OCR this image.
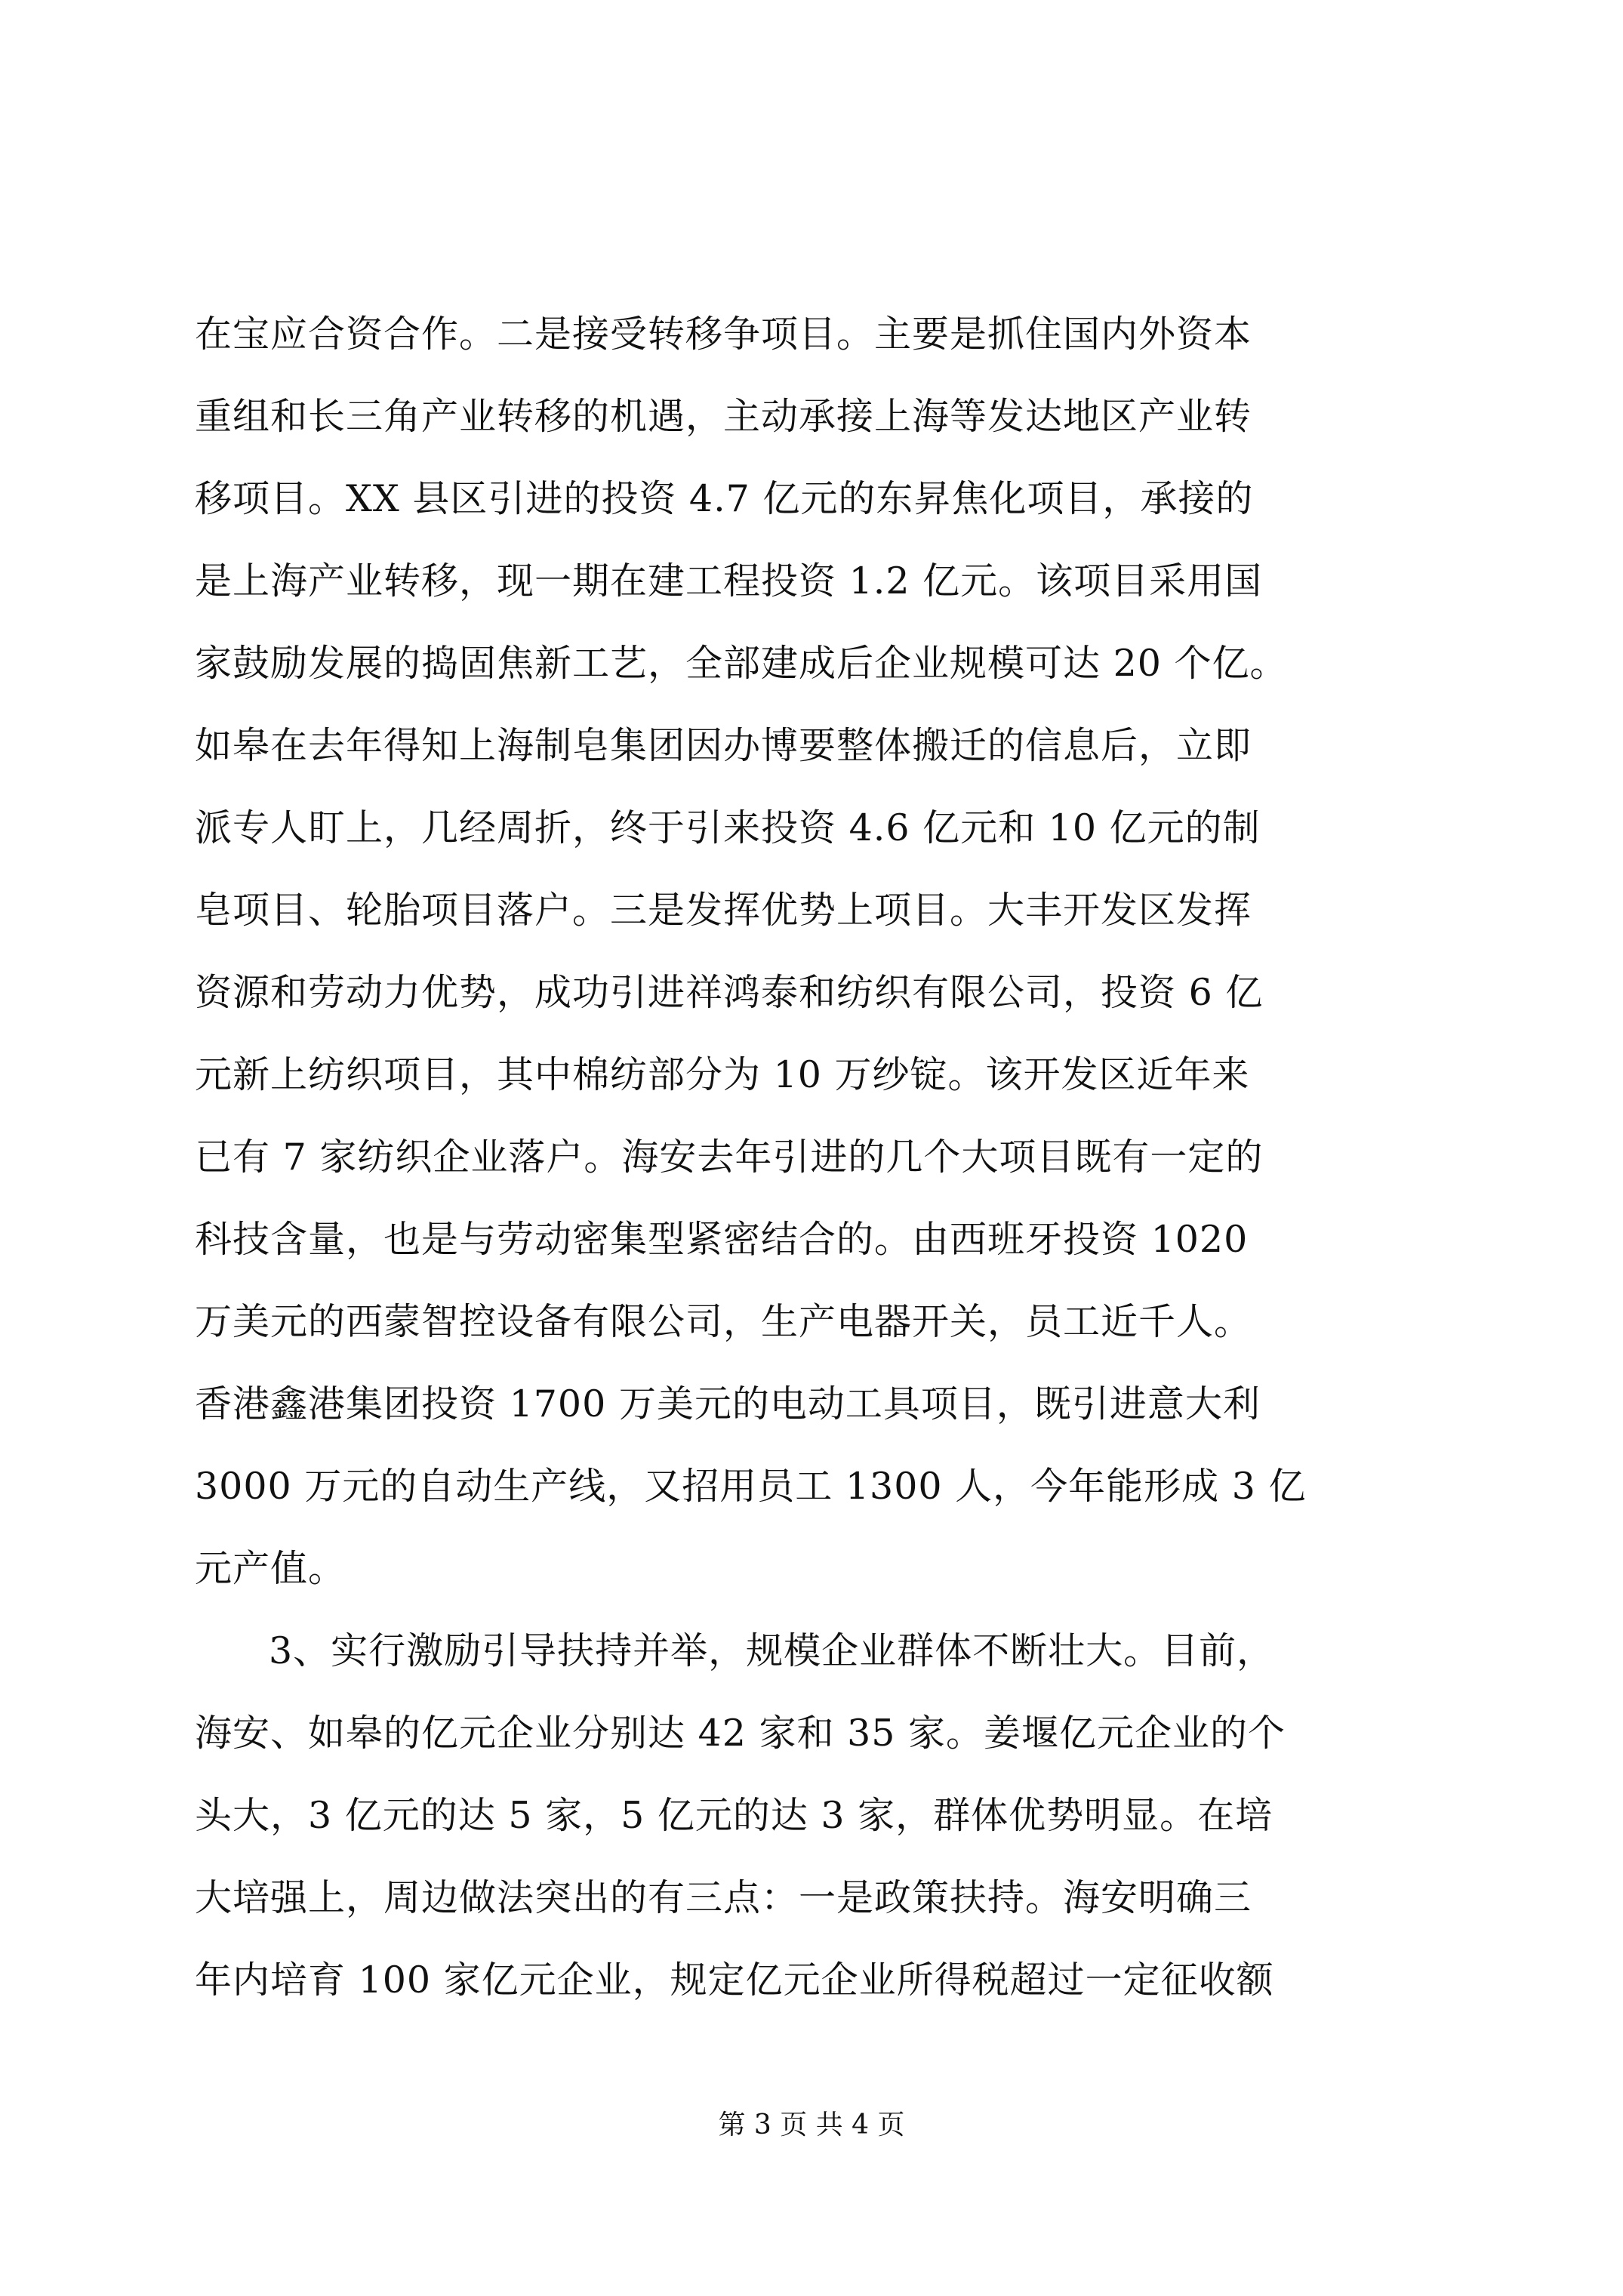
在宝应合资合作。二是接受转移争项目。主要是抓住国内外资本
重组和长三角产业转移的机遇，主动承接上海等发达地区产业转
移项目。XX 县区引进的投资 4.7 亿元的东昇焦化项目，承接的
是上海产业转移，现一期在建工程投资 1.2 亿元。该项目采用国
家鼓励发展的捣固焦新工艺，全部建成后企业规模可达 20 个亿。
如皋在去年得知上海制皂集团因办博要整体搬迁的信息后，立即
派专人盯上，几经周折，终于引来投资 4.6 亿元和 10 亿元的制
皂项目、轮胎项目落户。三是发挥优势上项目。大丰开发区发挥
资源和劳动力优势，成功引进祥鸿泰和纺织有限公司，投资 6 亿
元新上纺织项目，其中棉纺部分为 10 万纱锭。该开发区近年来
已有 7 家纺织企业落户。海安去年引进的几个大项目既有一定的
科技含量，也是与劳动密集型紧密结合的。由西班牙投资 1020
万美元的西蒙智控设备有限公司，生产电器开关，员工近千人。
香港鑫港集团投资 1700 万美元的电动工具项目，既引进意大利
3000 万元的自动生产线，又招用员工 1300 人，今年能形成 3 亿
元产值。
3、实行激励引导扶持并举，规模企业群体不断壮大。目前，
海安、如皋的亿元企业分别达 42 家和 35 家。姜堰亿元企业的个
头大，3 亿元的达 5 家，5 亿元的达 3 家，群体优势明显。在培
大培强上，周边做法突出的有三点：一是政策扶持。海安明确三
年内培育 100 家亿元企业，规定亿元企业所得税超过一定征收额
第 3 页 共 4 页
